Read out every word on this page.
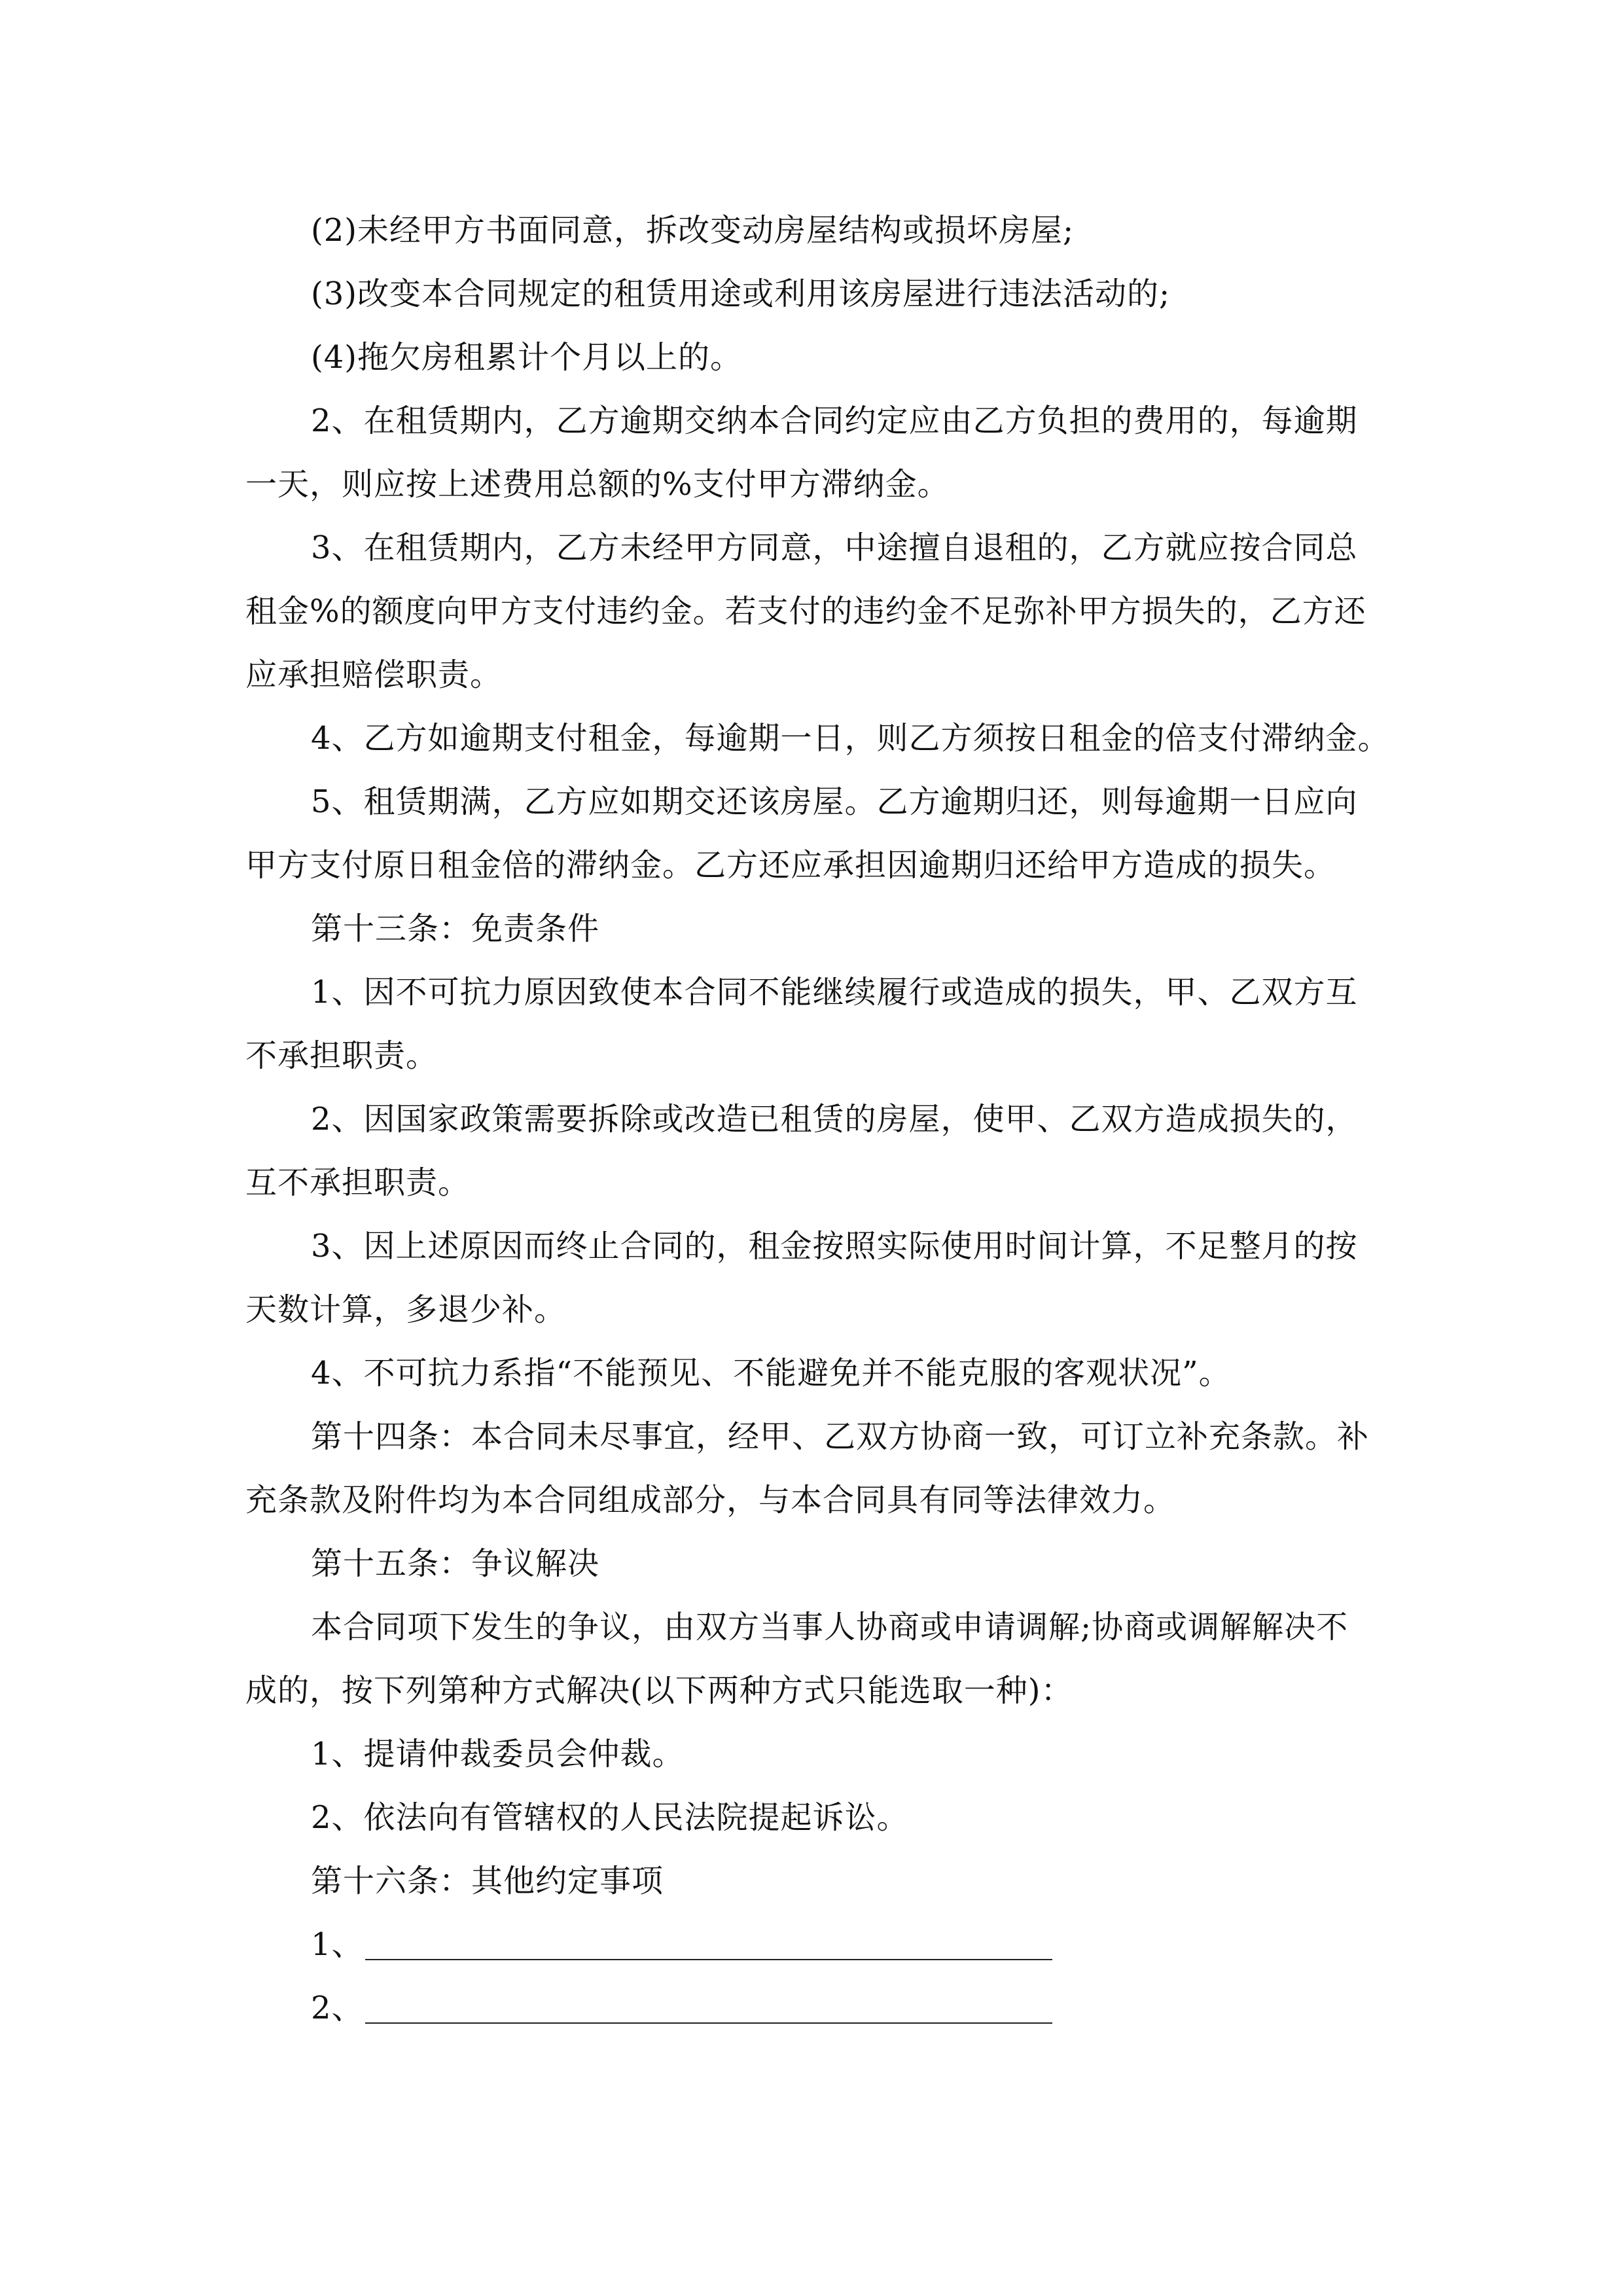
(2)未经甲方书面同意，拆改变动房屋结构或损坏房屋;
(3)改变本合同规定的租赁用途或利用该房屋进行违法活动的;
(4)拖欠房租累计个月以上的。
2、在租赁期内，乙方逾期交纳本合同约定应由乙方负担的费用的，每逾期
一天，则应按上述费用总额的%支付甲方滞纳金。
3、在租赁期内，乙方未经甲方同意，中途擅自退租的，乙方就应按合同总
租金%的额度向甲方支付违约金。若支付的违约金不足弥补甲方损失的，乙方还
应承担赔偿职责。
4、乙方如逾期支付租金，每逾期一日，则乙方须按日租金的倍支付滞纳金。
5、租赁期满，乙方应如期交还该房屋。乙方逾期归还，则每逾期一日应向
甲方支付原日租金倍的滞纳金。乙方还应承担因逾期归还给甲方造成的损失。
第十三条：免责条件
1、因不可抗力原因致使本合同不能继续履行或造成的损失，甲、乙双方互
不承担职责。
2、因国家政策需要拆除或改造已租赁的房屋，使甲、乙双方造成损失的，
互不承担职责。
3、因上述原因而终止合同的，租金按照实际使用时间计算，不足整月的按
天数计算，多退少补。
4、不可抗力系指“不能预见、不能避免并不能克服的客观状况”。
第十四条：本合同未尽事宜，经甲、乙双方协商一致，可订立补充条款。补
充条款及附件均为本合同组成部分，与本合同具有同等法律效力。
第十五条：争议解决
本合同项下发生的争议，由双方当事人协商或申请调解;协商或调解解决不
成的，按下列第种方式解决(以下两种方式只能选取一种)：
1、提请仲裁委员会仲裁。
2、依法向有管辖权的人民法院提起诉讼。
第十六条：其他约定事项
1、
2、
